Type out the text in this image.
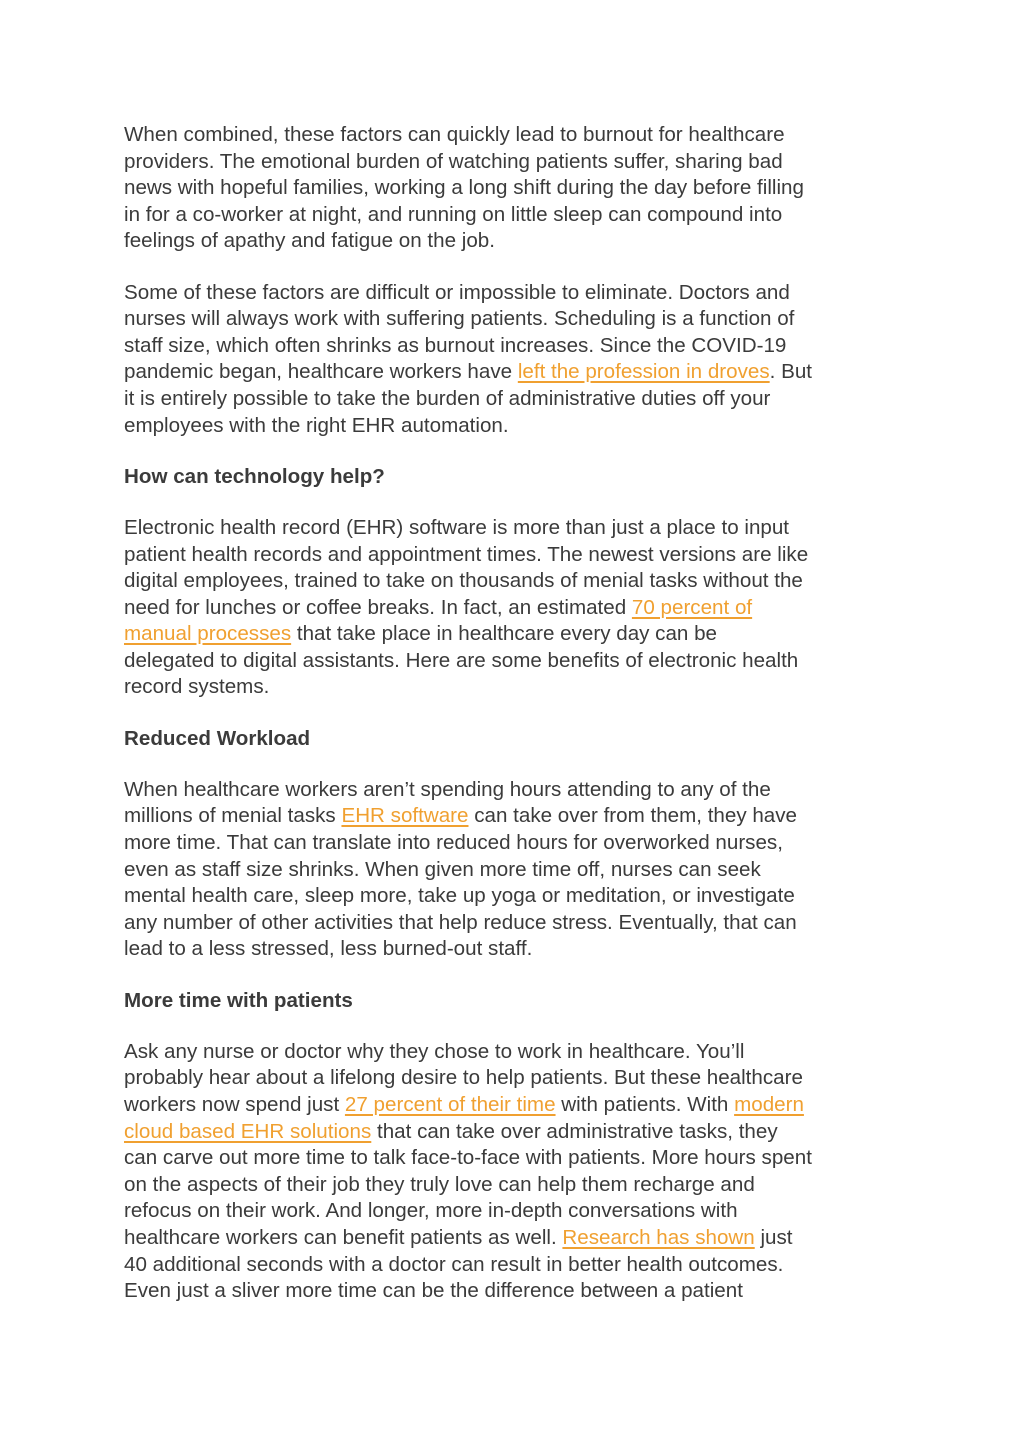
When combined, these factors can quickly lead to burnout for healthcare
providers. The emotional burden of watching patients suffer, sharing bad
news with hopeful families, working a long shift during the day before filling
in for a co-worker at night, and running on little sleep can compound into
feelings of apathy and fatigue on the job.
Some of these factors are difficult or impossible to eliminate. Doctors and
nurses will always work with suffering patients. Scheduling is a function of
staff size, which often shrinks as burnout increases. Since the COVID-19
pandemic began, healthcare workers have left the profession in droves. But
it is entirely possible to take the burden of administrative duties off your
employees with the right EHR automation.
How can technology help?
Electronic health record (EHR) software is more than just a place to input
patient health records and appointment times. The newest versions are like
digital employees, trained to take on thousands of menial tasks without the
need for lunches or coffee breaks. In fact, an estimated 70 percent of
manual processes that take place in healthcare every day can be
delegated to digital assistants. Here are some benefits of electronic health
record systems.
Reduced Workload
When healthcare workers aren’t spending hours attending to any of the
millions of menial tasks EHR software can take over from them, they have
more time. That can translate into reduced hours for overworked nurses,
even as staff size shrinks. When given more time off, nurses can seek
mental health care, sleep more, take up yoga or meditation, or investigate
any number of other activities that help reduce stress. Eventually, that can
lead to a less stressed, less burned-out staff.
More time with patients
Ask any nurse or doctor why they chose to work in healthcare. You’ll
probably hear about a lifelong desire to help patients. But these healthcare
workers now spend just 27 percent of their time with patients. With modern
cloud based EHR solutions that can take over administrative tasks, they
can carve out more time to talk face-to-face with patients. More hours spent
on the aspects of their job they truly love can help them recharge and
refocus on their work. And longer, more in-depth conversations with
healthcare workers can benefit patients as well. Research has shown just
40 additional seconds with a doctor can result in better health outcomes.
Even just a sliver more time can be the difference between a patient
